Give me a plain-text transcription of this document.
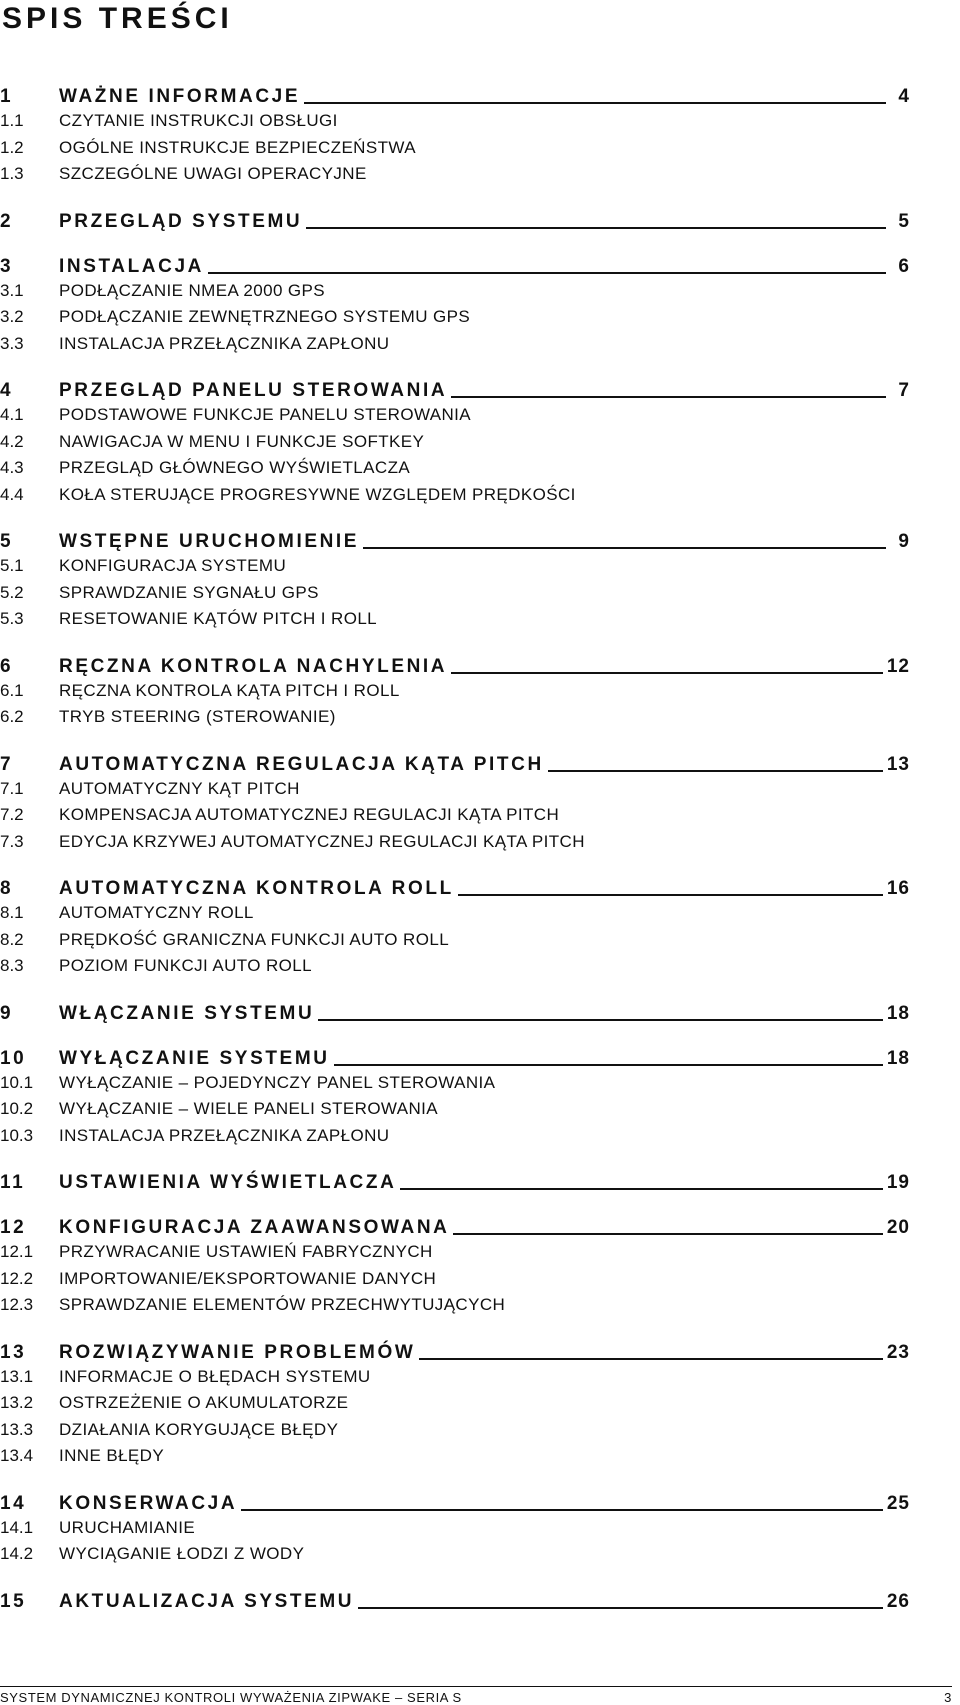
SPIS TREŚCI
1	WAŻNE INFORMACJE	4
1.1	CZYTANIE INSTRUKCJI OBSŁUGI
1.2	OGÓLNE INSTRUKCJE BEZPIECZEŃSTWA
1.3	SZCZEGÓLNE UWAGI OPERACYJNE
2	PRZEGLĄD SYSTEMU	5
3	INSTALACJA	6
3.1	PODŁĄCZANIE NMEA 2000 GPS
3.2	PODŁĄCZANIE ZEWNĘTRZNEGO SYSTEMU GPS
3.3	INSTALACJA PRZEŁĄCZNIKA ZAPŁONU
4	PRZEGLĄD PANELU STEROWANIA	7
4.1	PODSTAWOWE FUNKCJE PANELU STEROWANIA
4.2	NAWIGACJA W MENU I FUNKCJE SOFTKEY
4.3	PRZEGLĄD GŁÓWNEGO WYŚWIETLACZA
4.4	KOŁA STERUJĄCE PROGRESYWNE WZGLĘDEM PRĘDKOŚCI
5	WSTĘPNE URUCHOMIENIE	9
5.1	KONFIGURACJA SYSTEMU
5.2	SPRAWDZANIE SYGNAŁU GPS
5.3	RESETOWANIE KĄTÓW PITCH I ROLL
6	RĘCZNA KONTROLA NACHYLENIA	12
6.1	RĘCZNA KONTROLA KĄTA PITCH I ROLL
6.2	TRYB STEERING (STEROWANIE)
7	AUTOMATYCZNA REGULACJA KĄTA PITCH	13
7.1	AUTOMATYCZNY KĄT PITCH
7.2	KOMPENSACJA AUTOMATYCZNEJ REGULACJI KĄTA PITCH
7.3	EDYCJA KRZYWEJ AUTOMATYCZNEJ REGULACJI KĄTA PITCH
8	AUTOMATYCZNA KONTROLA ROLL	16
8.1	AUTOMATYCZNY ROLL
8.2	PRĘDKOŚĆ GRANICZNA FUNKCJI AUTO ROLL
8.3	POZIOM FUNKCJI AUTO ROLL
9	WŁĄCZANIE SYSTEMU	18
10	WYŁĄCZANIE SYSTEMU	18
10.1	WYŁĄCZANIE – POJEDYNCZY PANEL STEROWANIA
10.2	WYŁĄCZANIE – WIELE PANELI STEROWANIA
10.3	INSTALACJA PRZEŁĄCZNIKA ZAPŁONU
11	USTAWIENIA WYŚWIETLACZA	19
12	KONFIGURACJA ZAAWANSOWANA	20
12.1	PRZYWRACANIE USTAWIEŃ FABRYCZNYCH
12.2	IMPORTOWANIE/EKSPORTOWANIE DANYCH
12.3	SPRAWDZANIE ELEMENTÓW PRZECHWYTUJĄCYCH
13	ROZWIĄZYWANIE PROBLEMÓW	23
13.1	INFORMACJE O BŁĘDACH SYSTEMU
13.2	OSTRZEŻENIE O AKUMULATORZE
13.3	DZIAŁANIA KORYGUJĄCE BŁĘDY
13.4	INNE BŁĘDY
14	KONSERWACJA	25
14.1	URUCHAMIANIE
14.2	WYCIĄGANIE ŁODZI Z WODY
15	AKTUALIZACJA SYSTEMU	26
SYSTEM DYNAMICZNEJ KONTROLI WYWAŻENIA ZIPWAKE – SERIA S	3
